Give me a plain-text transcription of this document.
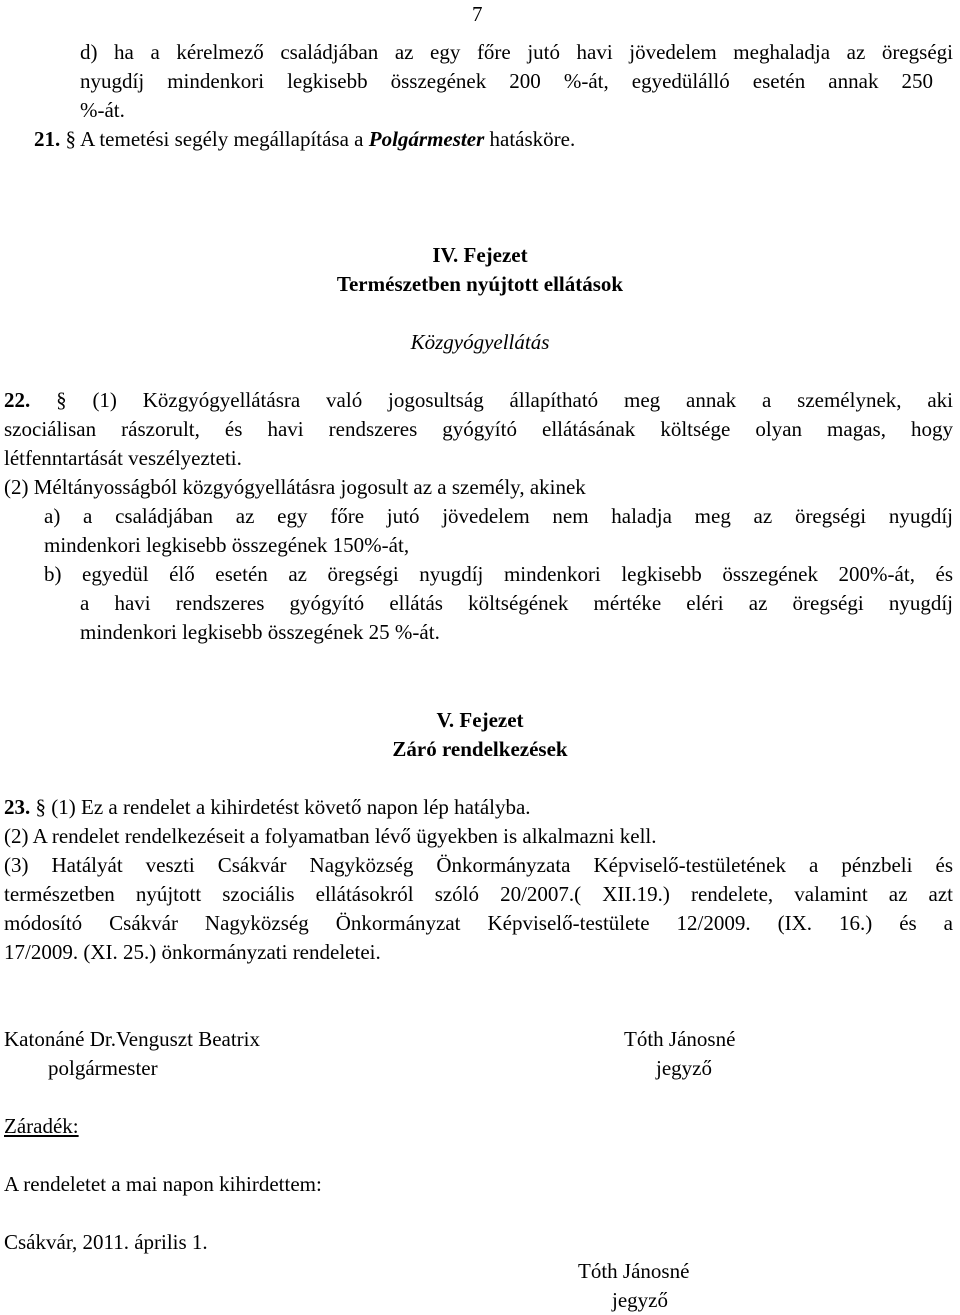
7
d) ha a kérelmező családjában az egy főre jutó havi jövedelem meghaladja az öregségi
nyugdíj mindenkori legkisebb összegének 200 %-át, egyedülálló esetén annak 250
%-át.
21. § A temetési segély megállapítása a Polgármester hatásköre.
IV. Fejezet
Természetben nyújtott ellátások
Közgyógyellátás
22. § (1) Közgyógyellátásra való jogosultság állapítható meg annak a személynek, aki
szociálisan rászorult, és havi rendszeres gyógyító ellátásának költsége olyan magas, hogy
létfenntartását veszélyezteti.
(2) Méltányosságból közgyógyellátásra jogosult az a személy, akinek
a) a családjában az egy főre jutó jövedelem nem haladja meg az öregségi nyugdíj
mindenkori legkisebb összegének 150%-át,
b) egyedül élő esetén az öregségi nyugdíj mindenkori legkisebb összegének 200%-át, és
a havi rendszeres gyógyító ellátás költségének mértéke eléri az öregségi nyugdíj
mindenkori legkisebb összegének 25 %-át.
V. Fejezet
Záró rendelkezések
23. § (1) Ez a rendelet a kihirdetést követő napon lép hatályba.
(2) A rendelet rendelkezéseit a folyamatban lévő ügyekben is alkalmazni kell.
(3) Hatályát veszti Csákvár Nagyközség Önkormányzata Képviselő-testületének a pénzbeli és
természetben nyújtott szociális ellátásokról szóló 20/2007.( XII.19.) rendelete, valamint az azt
módosító Csákvár Nagyközség Önkormányzat Képviselő-testülete 12/2009. (IX. 16.) és a
17/2009. (XI. 25.) önkormányzati rendeletei.
Katonáné Dr.Venguszt Beatrix
polgármester
Tóth Jánosné
jegyző
Záradék:
A rendeletet a mai napon kihirdettem:
Csákvár, 2011. április 1.
Tóth Jánosné
jegyző
